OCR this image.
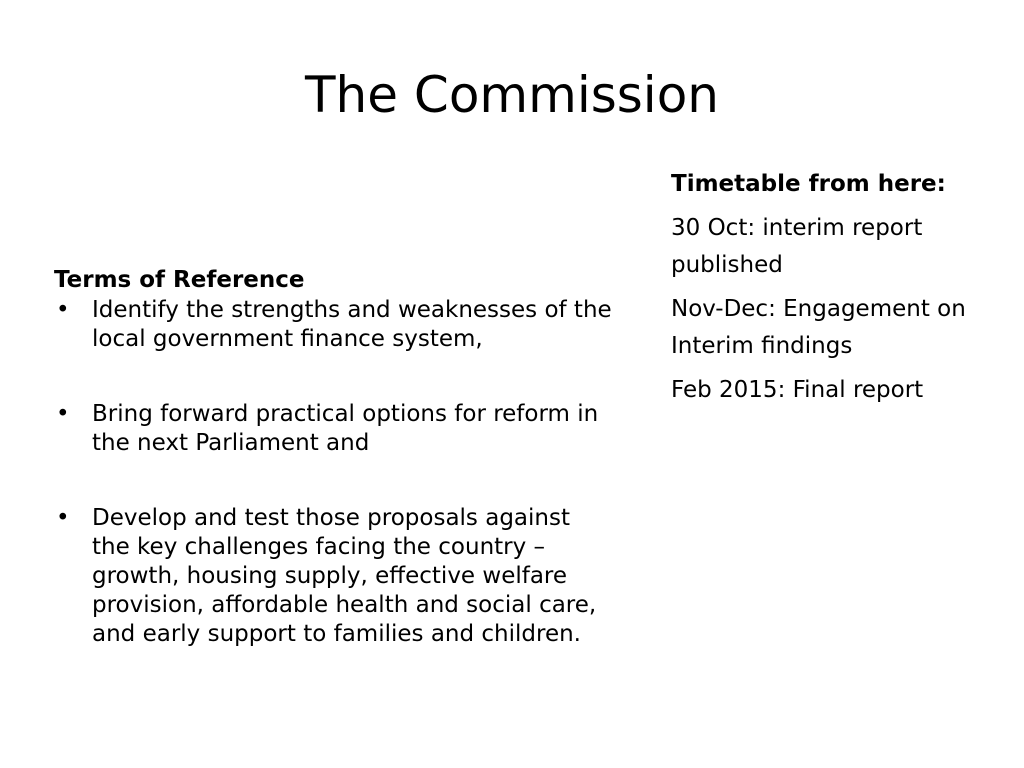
The Commission
Terms of Reference
• Identify the strengths and weaknesses of the local government finance system,
• Bring forward practical options for reform in the next Parliament and
• Develop and test those proposals against the key challenges facing the country – growth, housing supply, effective welfare provision, affordable health and social care, and early support to families and children.
Timetable from here:
30 Oct: interim report published
Nov-Dec: Engagement on Interim findings
Feb 2015: Final report
